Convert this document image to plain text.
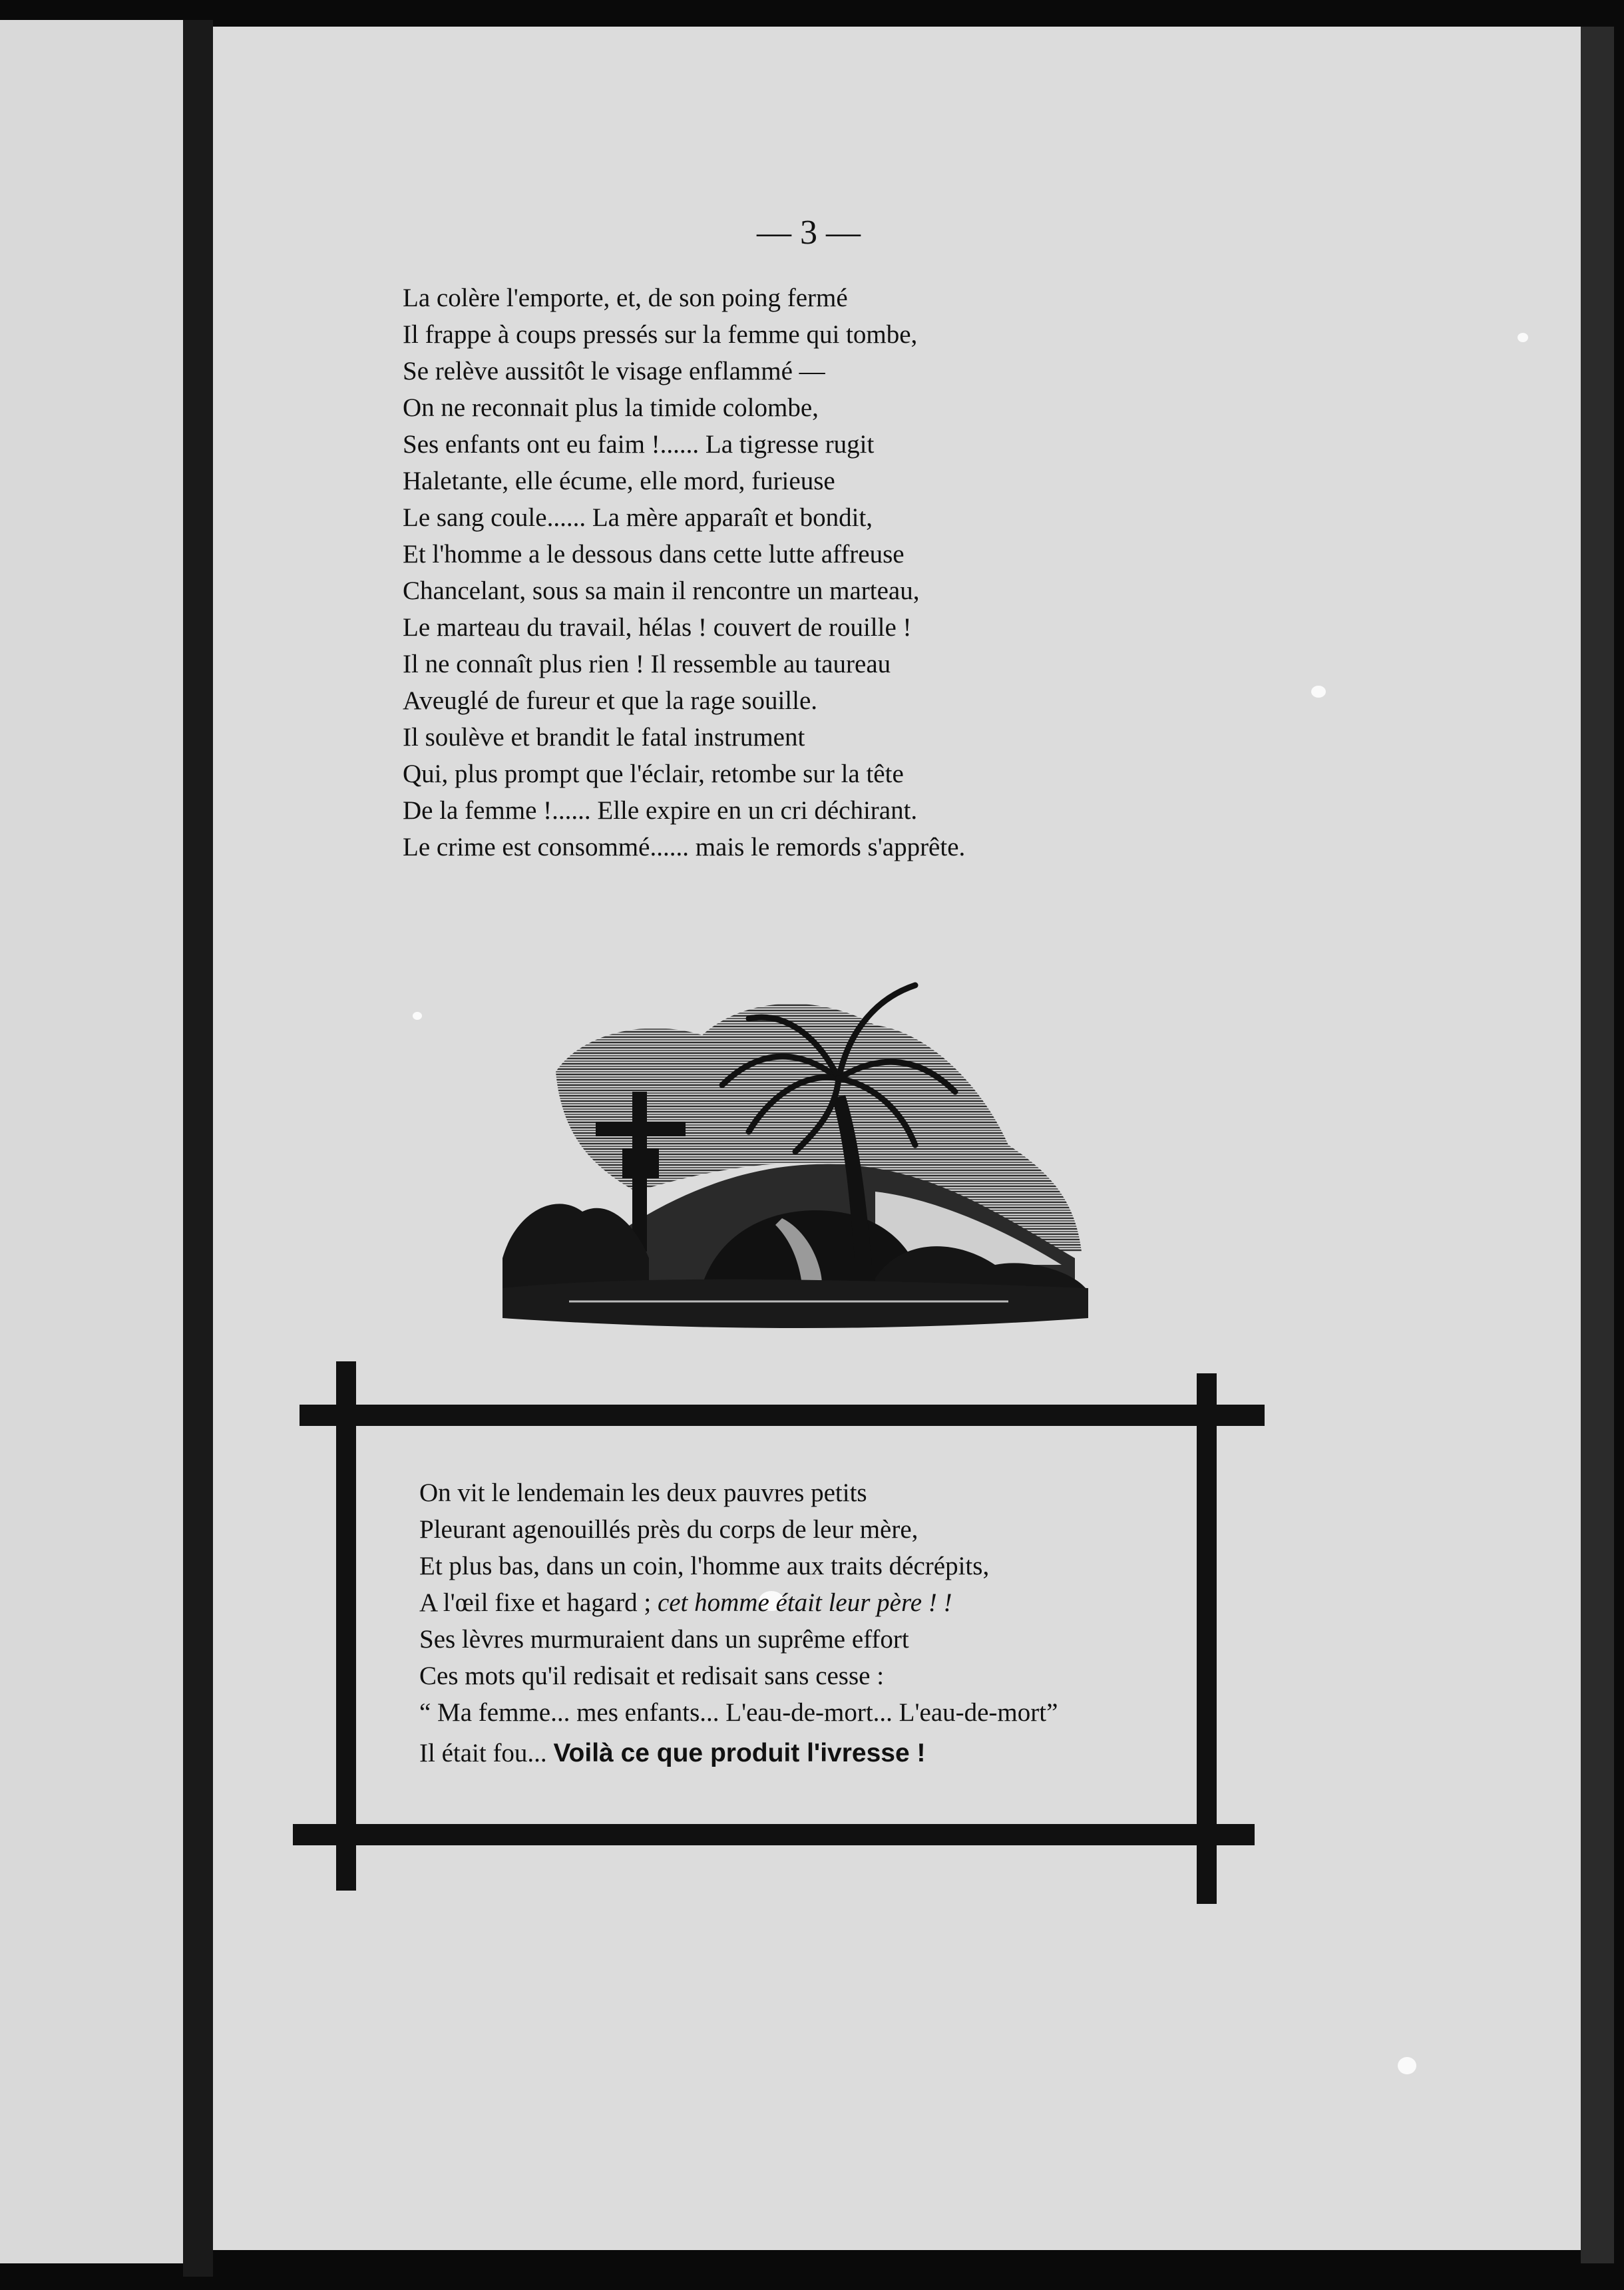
— 3 —
La colère l'emporte, et, de son poing fermé
Il frappe à coups pressés sur la femme qui tombe,
Se relève aussitôt le visage enflammé —
On ne reconnait plus la timide colombe,
Ses enfants ont eu faim !...... La tigresse rugit
Haletante, elle écume, elle mord, furieuse
Le sang coule...... La mère apparaît et bondit,
Et l'homme a le dessous dans cette lutte affreuse
Chancelant, sous sa main il rencontre un marteau,
Le marteau du travail, hélas ! couvert de rouille !
Il ne connaît plus rien ! Il ressemble au taureau
Aveuglé de fureur et que la rage souille.
Il soulève et brandit le fatal instrument
Qui, plus prompt que l'éclair, retombe sur la tête
De la femme !...... Elle expire en un cri déchirant.
Le crime est consommé...... mais le remords s'apprête.
On vit le lendemain les deux pauvres petits
Pleurant agenouillés près du corps de leur mère,
Et plus bas, dans un coin, l'homme aux traits décrépits,
A l'œil fixe et hagard ; cet homme était leur père ! !
Ses lèvres murmuraient dans un suprême effort
Ces mots qu'il redisait et redisait sans cesse :
“ Ma femme... mes enfants... L'eau-de-mort... L'eau-de-mort”
Il était fou... Voilà ce que produit l'ivresse !
